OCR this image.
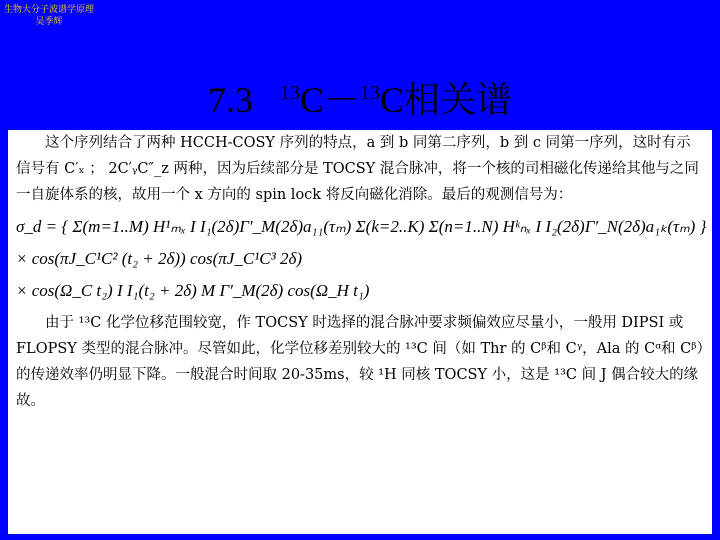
生物大分子波谱学原理
吴季辉
7.3 $^{13}$C－$^{13}$C相关谱

这个序列结合了两种 HCCH-COSY 序列的特点，a 到 b 同第二序列，b 到 c 同第一序列，这时有示信号有 C′ₓ ； 2C′ᵧC″_z 两种，因为后续部分是 TOCSY 混合脉冲，将一个核的司相磁化传递给其他与之同一自旋体系的核，故用一个 x 方向的 spin lock 将反向磁化消除。最后的观测信号为：

σ_d = { Σ(m=1..M) H¹ₘₓ I I₁(2δ)Γ′_M(2δ)a₁₁(τₘ) Σ(k=2..K) Σ(n=1..N) Hᵏₙₓ I I₂(2δ)Γ′_N(2δ)a₁ₖ(τₘ) }
× cos(πJ_C¹C² (t₂ + 2δ)) cos(πJ_C¹C³ 2δ)
× cos(Ω_C t₂) I I₁(t₂ + 2δ) M Γ′_M(2δ) cos(Ω_H t₁)

由于 ¹³C 化学位移范围较宽，作 TOCSY 时选择的混合脉冲要求频偏效应尽量小，一般用 DIPSI 或 FLOPSY 类型的混合脉冲。尽管如此，化学位移差别较大的 ¹³C 间（如 Thr 的 Cᵝ和 Cᵞ，Ala 的 Cᵅ和 Cᵝ）的传递效率仍明显下降。一般混合时间取 20-35ms，较 ¹H 同核 TOCSY 小，这是 ¹³C 间 J 偶合较大的缘故。
